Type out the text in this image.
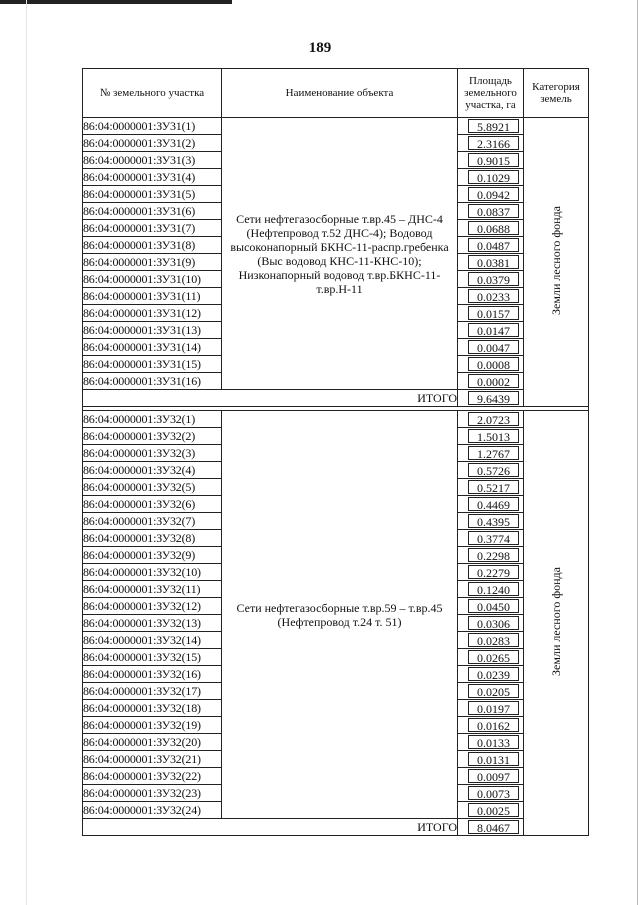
189
№ земельного участка	Наименование объекта	Площадь земельного участка, га	Категория земель
86:04:0000001:ЗУ31(1)	Сети нефтегазосборные т.вр.45 – ДНС-4 (Нефтепровод т.52 ДНС-4); Водовод высоконапорный БКНС-11-распр.гребенка (Выс водовод КНС-11-КНС-10); Низконапорный водовод т.вр.БКНС-11-т.вр.Н-11	5.8921	Земли лесного фонда
86:04:0000001:ЗУ31(2)		2.3166	

86:04:0000001:ЗУ31(3)		0.9015	

86:04:0000001:ЗУ31(4)		0.1029	

86:04:0000001:ЗУ31(5)		0.0942	

86:04:0000001:ЗУ31(6)		0.0837	

86:04:0000001:ЗУ31(7)		0.0688	

86:04:0000001:ЗУ31(8)		0.0487	

86:04:0000001:ЗУ31(9)		0.0381	

86:04:0000001:ЗУ31(10)		0.0379	

86:04:0000001:ЗУ31(11)		0.0233	

86:04:0000001:ЗУ31(12)		0.0157	

86:04:0000001:ЗУ31(13)		0.0147	

86:04:0000001:ЗУ31(14)		0.0047	

86:04:0000001:ЗУ31(15)		0.0008	

86:04:0000001:ЗУ31(16)		0.0002	

ИТОГО		9.6439	

86:04:0000001:ЗУ32(1)	Сети нефтегазосборные т.вр.59 – т.вр.45 (Нефтепровод т.24 т. 51)	2.0723	Земли лесного фонда
86:04:0000001:ЗУ32(2)		1.5013	

86:04:0000001:ЗУ32(3)		1.2767	

86:04:0000001:ЗУ32(4)		0.5726	

86:04:0000001:ЗУ32(5)		0.5217	

86:04:0000001:ЗУ32(6)		0.4469	

86:04:0000001:ЗУ32(7)		0.4395	

86:04:0000001:ЗУ32(8)		0.3774	

86:04:0000001:ЗУ32(9)		0.2298	

86:04:0000001:ЗУ32(10)		0.2279	

86:04:0000001:ЗУ32(11)		0.1240	

86:04:0000001:ЗУ32(12)		0.0450	

86:04:0000001:ЗУ32(13)		0.0306	

86:04:0000001:ЗУ32(14)		0.0283	

86:04:0000001:ЗУ32(15)		0.0265	

86:04:0000001:ЗУ32(16)		0.0239	

86:04:0000001:ЗУ32(17)		0.0205	

86:04:0000001:ЗУ32(18)		0.0197	

86:04:0000001:ЗУ32(19)		0.0162	

86:04:0000001:ЗУ32(20)		0.0133	

86:04:0000001:ЗУ32(21)		0.0131	

86:04:0000001:ЗУ32(22)		0.0097	

86:04:0000001:ЗУ32(23)		0.0073	

86:04:0000001:ЗУ32(24)		0.0025	

ИТОГО		8.0467	
